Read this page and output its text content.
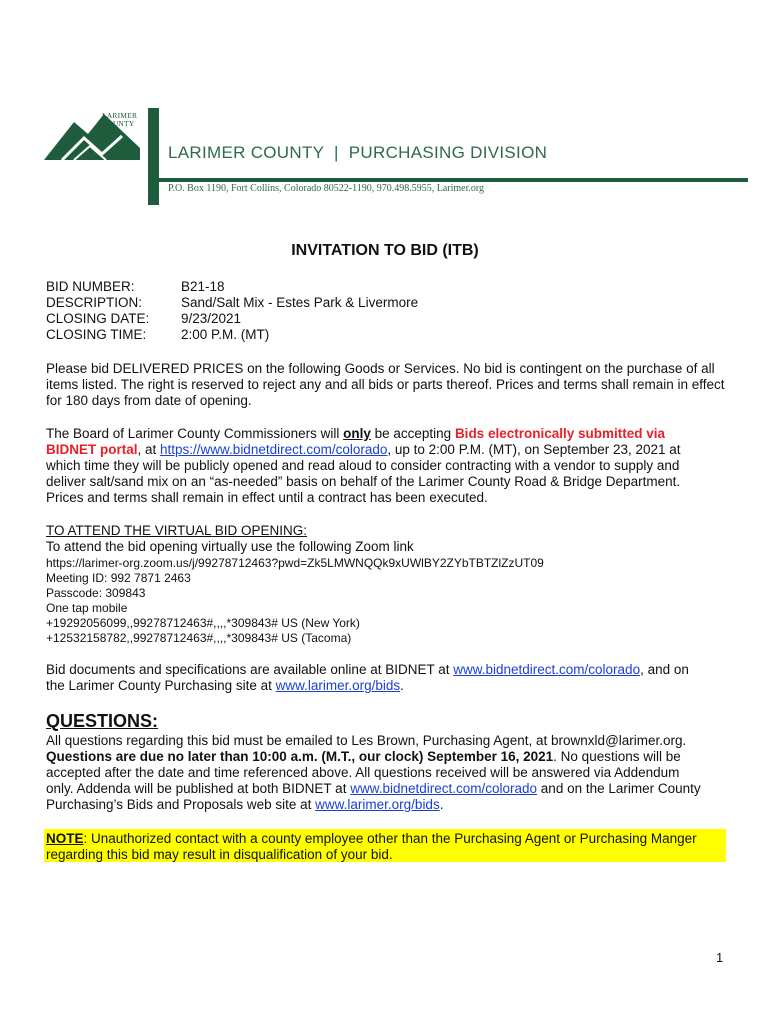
LARIMER
COUNTY
LARIMER COUNTY  |  PURCHASING DIVISION
P.O. Box 1190, Fort Collins, Colorado 80522-1190, 970.498.5955, Larimer.org
INVITATION TO BID (ITB)
BID NUMBER:	B21-18
DESCRIPTION:	Sand/Salt Mix - Estes Park & Livermore
CLOSING DATE: 9/23/2021
CLOSING TIME:	2:00 P.M. (MT)
Please bid DELIVERED PRICES on the following Goods or Services. No bid is contingent on the purchase of all items listed. The right is reserved to reject any and all bids or parts thereof. Prices and terms shall remain in effect for 180 days from date of opening.
The Board of Larimer County Commissioners will only be accepting Bids electronically submitted via
BIDNET portal, at https://www.bidnetdirect.com/colorado, up to 2:00 P.M. (MT), on September 23, 2021 at
which time they will be publicly opened and read aloud to consider contracting with a vendor to supply and
deliver salt/sand mix on an “as-needed” basis on behalf of the Larimer County Road & Bridge Department.
Prices and terms shall remain in effect until a contract has been executed.
TO ATTEND THE VIRTUAL BID OPENING:
To attend the bid opening virtually use the following Zoom link
https://larimer-org.zoom.us/j/99278712463?pwd=Zk5LMWNQQk9xUWlBY2ZYbTBTZlZzUT09
Meeting ID: 992 7871 2463
Passcode: 309843
One tap mobile
+19292056099,,99278712463#,,,,*309843# US (New York)
+12532158782,,99278712463#,,,,*309843# US (Tacoma)
Bid documents and specifications are available online at BIDNET at www.bidnetdirect.com/colorado, and on
the Larimer County Purchasing site at www.larimer.org/bids.
QUESTIONS:
All questions regarding this bid must be emailed to Les Brown, Purchasing Agent, at brownxld@larimer.org.
Questions are due no later than 10:00 a.m. (M.T., our clock) September 16, 2021. No questions will be
accepted after the date and time referenced above. All questions received will be answered via Addendum
only. Addenda will be published at both BIDNET at www.bidnetdirect.com/colorado and on the Larimer County
Purchasing’s Bids and Proposals web site at www.larimer.org/bids.
NOTE: Unauthorized contact with a county employee other than the Purchasing Agent or Purchasing Manger
regarding this bid may result in disqualification of your bid.
1
